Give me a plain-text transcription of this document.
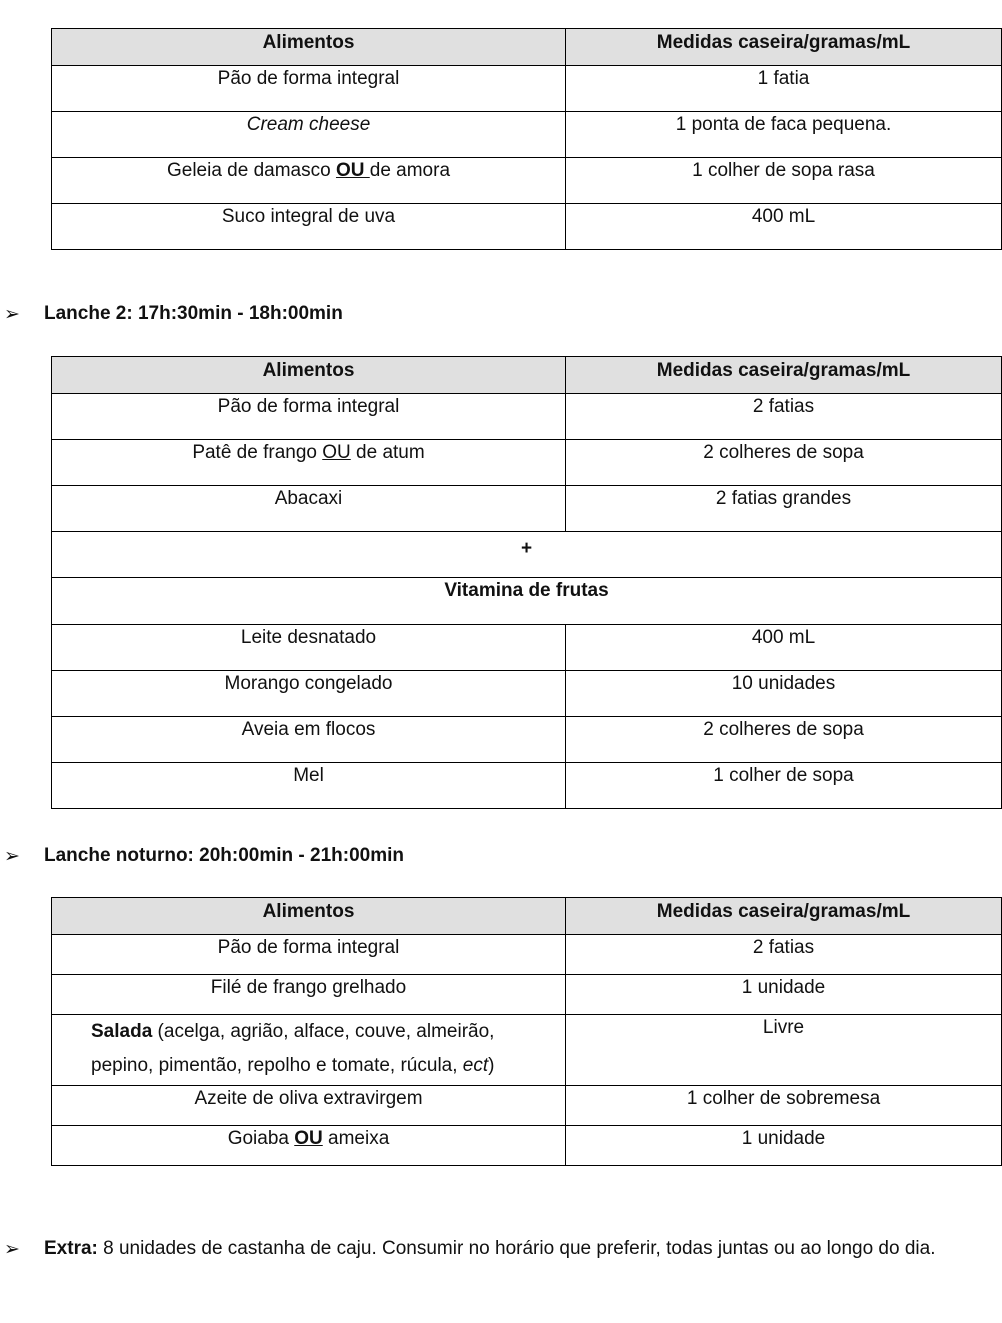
Alimentos	Medidas caseira/gramas/mL
Pão de forma integral	1 fatia
Cream cheese	1 ponta de faca pequena.
Geleia de damasco OU de amora	1 colher de sopa rasa
Suco integral de uva	400 mL
➢ Lanche 2: 17h:30min - 18h:00min
Alimentos	Medidas caseira/gramas/mL
Pão de forma integral	2 fatias
Patê de frango OU de atum	2 colheres de sopa
Abacaxi	2 fatias grandes
+	
Vitamina de frutas	
Leite desnatado	400 mL
Morango congelado	10 unidades
Aveia em flocos	2 colheres de sopa
Mel	1 colher de sopa
➢ Lanche noturno: 20h:00min - 21h:00min
Alimentos	Medidas caseira/gramas/mL
Pão de forma integral	2 fatias
Filé de frango grelhado	1 unidade
Salada (acelga, agrião, alface, couve, almeirão,
pepino, pimentão, repolho e tomate, rúcula, ect)	Livre
Azeite de oliva extravirgem	1 colher de sobremesa
Goiaba OU ameixa	1 unidade
➢ Extra: 8 unidades de castanha de caju. Consumir no horário que preferir, todas juntas ou ao longo do dia.
